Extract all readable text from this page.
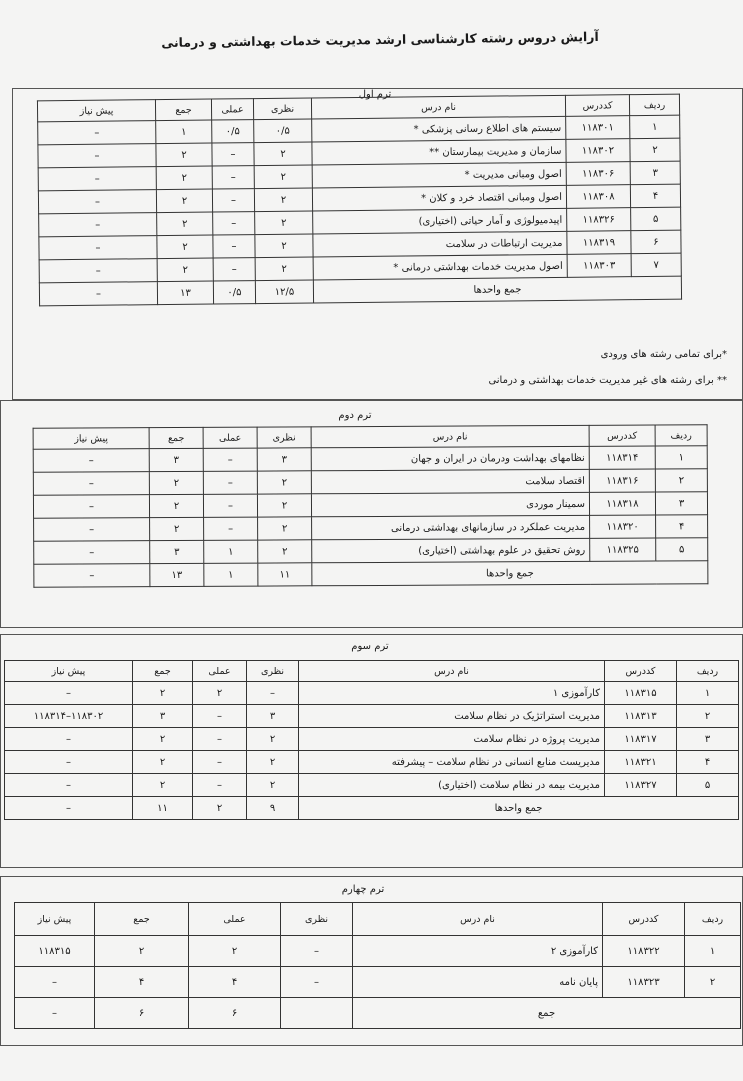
آرایش دروس رشته کارشناسی ارشد مدیریت خدمات بهداشتی و درمانی
ترم اول
ردیف	کددرس	نام درس	نظری	عملی	جمع	پیش نیاز
۱	۱۱۸۳۰۱	سیستم های اطلاع رسانی پزشکی *	۰/۵	۰/۵	۱	–
۲	۱۱۸۳۰۲	سازمان و مدیریت بیمارستان **	۲	–	۲	–
۳	۱۱۸۳۰۶	اصول ومبانی مدیریت *	۲	–	۲	–
۴	۱۱۸۳۰۸	اصول ومبانی اقتصاد خرد و کلان *	۲	–	۲	–
۵	۱۱۸۳۲۶	اپیدمیولوژی و آمار حیاتی (اختیاری)	۲	–	۲	–
۶	۱۱۸۳۱۹	مدیریت ارتباطات در سلامت	۲	–	۲	–
۷	۱۱۸۳۰۳	اصول مدیریت خدمات بهداشتی درمانی *	۲	–	۲	–
جمع واحدها			۱۲/۵	۰/۵	۱۳	–
*برای تمامی رشته های ورودی
** برای رشته های غیر مدیریت خدمات بهداشتی و درمانی
ترم دوم
ردیف	کددرس	نام درس	نظری	عملی	جمع	پیش نیاز
۱	۱۱۸۳۱۴	نظامهای بهداشت ودرمان در ایران و جهان	۳	–	۳	–
۲	۱۱۸۳۱۶	اقتصاد سلامت	۲	–	۲	–
۳	۱۱۸۳۱۸	سمینار موردی	۲	–	۲	–
۴	۱۱۸۳۲۰	مدیریت عملکرد در سازمانهای بهداشتی درمانی	۲	–	۲	–
۵	۱۱۸۳۲۵	روش تحقیق در علوم بهداشتی (اختیاری)	۲	۱	۳	–
جمع واحدها			۱۱	۱	۱۳	–
ترم سوم
ردیف	کددرس	نام درس	نظری	عملی	جمع	پیش نیاز
۱	۱۱۸۳۱۵	کارآموزی ۱	–	۲	۲	–
۲	۱۱۸۳۱۳	مدیریت استراتژیک در نظام سلامت	۳	–	۳	۱۱۸۳۰۲–۱۱۸۳۱۴
۳	۱۱۸۳۱۷	مدیریت پروژه در نظام سلامت	۲	–	۲	–
۴	۱۱۸۳۲۱	مدیریست منابع انسانی در نظام سلامت – پیشرفته	۲	–	۲	–
۵	۱۱۸۳۲۷	مدیریت بیمه در نظام سلامت (اختیاری)	۲	–	۲	–
جمع واحدها			۹	۲	۱۱	–
ترم چهارم
ردیف	کددرس	نام درس	نظری	عملی	جمع	پیش نیاز
۱	۱۱۸۳۲۲	کارآموزی ۲	–	۲	۲	۱۱۸۳۱۵
۲	۱۱۸۳۲۳	پایان نامه	–	۴	۴	–
جمع				۶	۶	–
